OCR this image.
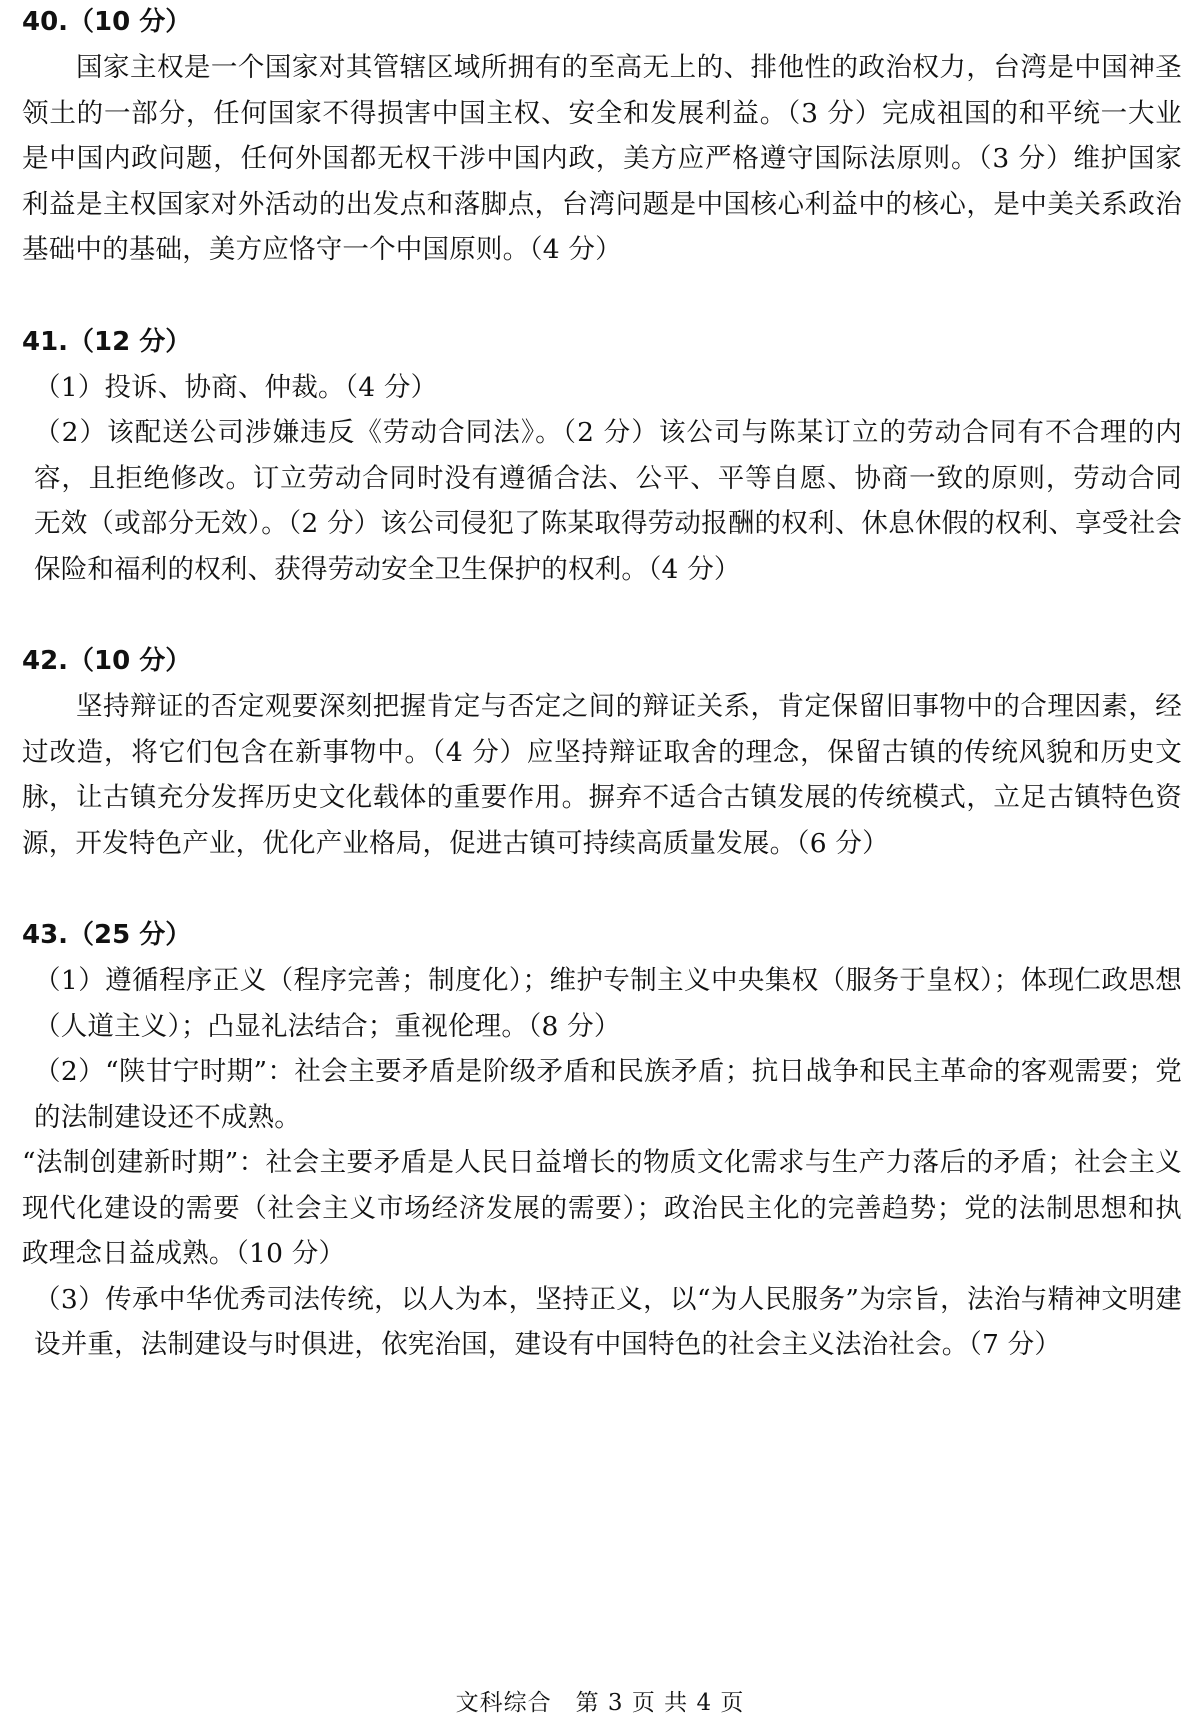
40.（10 分）

国家主权是一个国家对其管辖区域所拥有的至高无上的、排他性的政治权力，台湾是中国神圣领土的一部分，任何国家不得损害中国主权、安全和发展利益。（3 分）完成祖国的和平统一大业是中国内政问题，任何外国都无权干涉中国内政，美方应严格遵守国际法原则。（3 分）维护国家利益是主权国家对外活动的出发点和落脚点，台湾问题是中国核心利益中的核心，是中美关系政治基础中的基础，美方应恪守一个中国原则。（4 分）

41.（12 分）

（1）投诉、协商、仲裁。（4 分）

（2）该配送公司涉嫌违反《劳动合同法》。（2 分）该公司与陈某订立的劳动合同有不合理的内容，且拒绝修改。订立劳动合同时没有遵循合法、公平、平等自愿、协商一致的原则，劳动合同无效（或部分无效）。（2 分）该公司侵犯了陈某取得劳动报酬的权利、休息休假的权利、享受社会保险和福利的权利、获得劳动安全卫生保护的权利。（4 分）

42.（10 分）

坚持辩证的否定观要深刻把握肯定与否定之间的辩证关系，肯定保留旧事物中的合理因素，经过改造，将它们包含在新事物中。（4 分）应坚持辩证取舍的理念，保留古镇的传统风貌和历史文脉，让古镇充分发挥历史文化载体的重要作用。摒弃不适合古镇发展的传统模式，立足古镇特色资源，开发特色产业，优化产业格局，促进古镇可持续高质量发展。（6 分）

43.（25 分）

（1）遵循程序正义（程序完善；制度化）；维护专制主义中央集权（服务于皇权）；体现仁政思想（人道主义）；凸显礼法结合；重视伦理。（8 分）

（2）“陕甘宁时期”：社会主要矛盾是阶级矛盾和民族矛盾；抗日战争和民主革命的客观需要；党的法制建设还不成熟。

“法制创建新时期”：社会主要矛盾是人民日益增长的物质文化需求与生产力落后的矛盾；社会主义现代化建设的需要（社会主义市场经济发展的需要）；政治民主化的完善趋势；党的法制思想和执政理念日益成熟。（10 分）

（3）传承中华优秀司法传统，以人为本，坚持正义，以“为人民服务”为宗旨，法治与精神文明建设并重，法制建设与时俱进，依宪治国，建设有中国特色的社会主义法治社会。（7 分）

文科综合　第 3 页 共 4 页
